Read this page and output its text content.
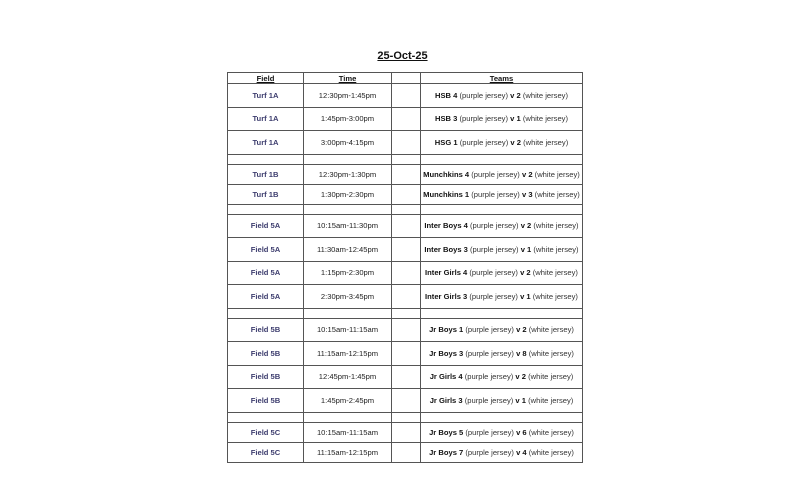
25-Oct-25
Field	Time		Teams
Turf 1A	12:30pm-1:45pm		HSB 4 (purple jersey) v 2 (white jersey)
Turf 1A	1:45pm-3:00pm		HSB 3 (purple jersey) v 1 (white jersey)
Turf 1A	3:00pm-4:15pm		HSG 1 (purple jersey) v 2 (white jersey)

Turf 1B	12:30pm-1:30pm		Munchkins 4 (purple jersey) v 2 (white jersey)
Turf 1B	1:30pm-2:30pm		Munchkins 1 (purple jersey) v 3 (white jersey)

Field 5A	10:15am-11:30pm		Inter Boys 4 (purple jersey) v 2 (white jersey)
Field 5A	11:30am-12:45pm		Inter Boys 3 (purple jersey) v 1 (white jersey)
Field 5A	1:15pm-2:30pm		Inter Girls 4 (purple jersey) v 2 (white jersey)
Field 5A	2:30pm-3:45pm		Inter Girls 3 (purple jersey) v 1 (white jersey)

Field 5B	10:15am-11:15am		Jr Boys 1 (purple jersey) v 2 (white jersey)
Field 5B	11:15am-12:15pm		Jr Boys 3 (purple jersey) v 8 (white jersey)
Field 5B	12:45pm-1:45pm		Jr Girls 4 (purple jersey) v 2 (white jersey)
Field 5B	1:45pm-2:45pm		Jr Girls 3 (purple jersey) v 1 (white jersey)

Field 5C	10:15am-11:15am		Jr Boys 5 (purple jersey) v 6 (white jersey)
Field 5C	11:15am-12:15pm		Jr Boys 7 (purple jersey) v 4 (white jersey)
